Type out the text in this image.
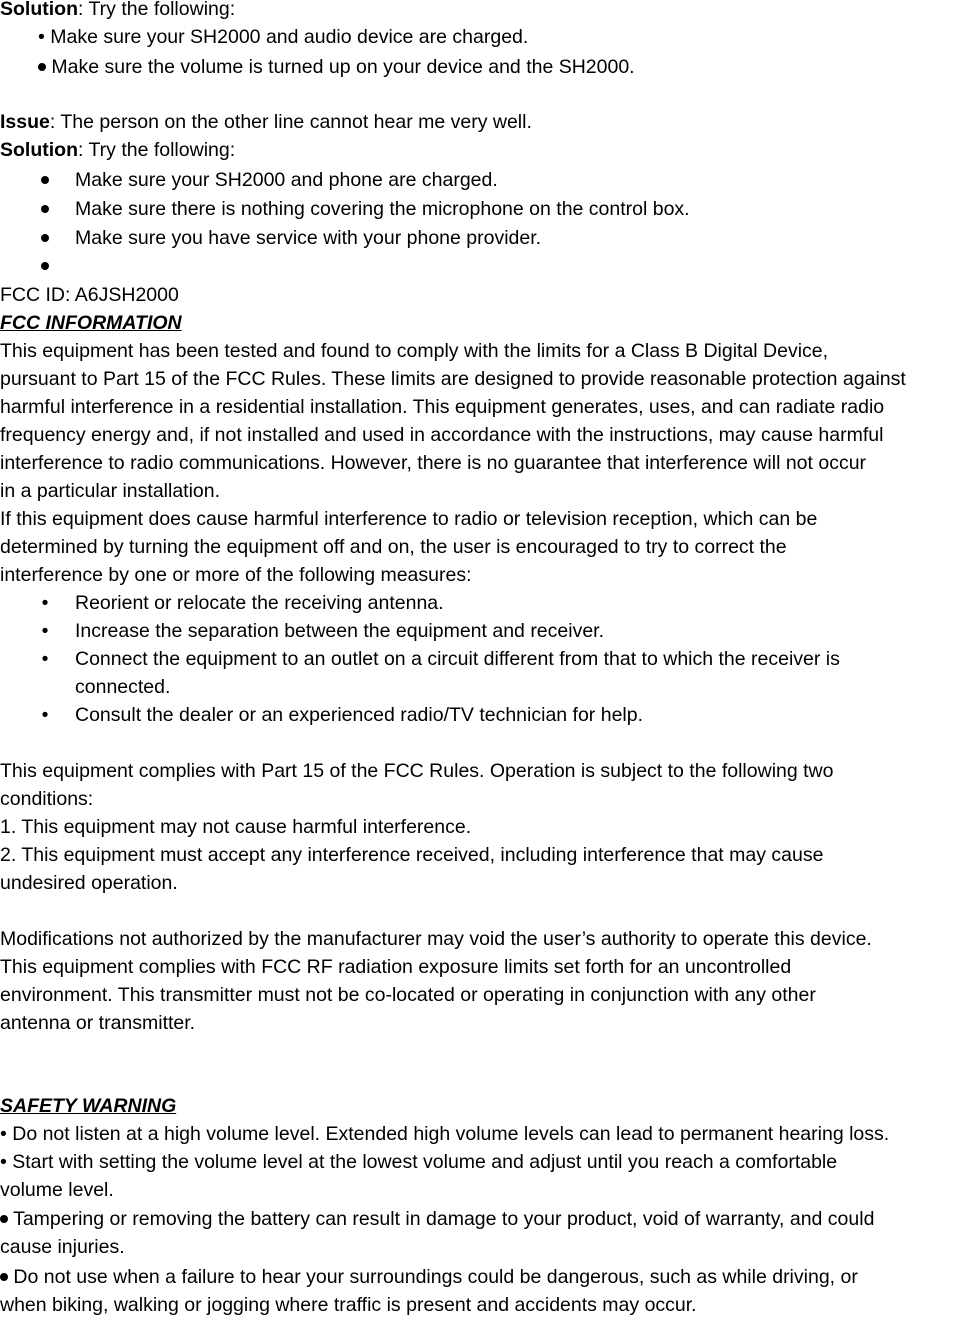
Solution: Try the following:
• Make sure your SH2000 and audio device are charged.
Make sure the volume is turned up on your device and the SH2000.
Issue: The person on the other line cannot hear me very well.
Solution: Try the following:
Make sure your SH2000 and phone are charged.
Make sure there is nothing covering the microphone on the control box.
Make sure you have service with your phone provider.
FCC ID: A6JSH2000
FCC INFORMATION
This equipment has been tested and found to comply with the limits for a Class B Digital Device,
pursuant to Part 15 of the FCC Rules. These limits are designed to provide reasonable protection against
harmful interference in a residential installation. This equipment generates, uses, and can radiate radio
frequency energy and, if not installed and used in accordance with the instructions, may cause harmful
interference to radio communications. However, there is no guarantee that interference will not occur
in a particular installation.
If this equipment does cause harmful interference to radio or television reception, which can be
determined by turning the equipment off and on, the user is encouraged to try to correct the
interference by one or more of the following measures:
• Reorient or relocate the receiving antenna.
• Increase the separation between the equipment and receiver.
• Connect the equipment to an outlet on a circuit different from that to which the receiver is
connected.
• Consult the dealer or an experienced radio/TV technician for help.
This equipment complies with Part 15 of the FCC Rules. Operation is subject to the following two
conditions:
1. This equipment may not cause harmful interference.
2. This equipment must accept any interference received, including interference that may cause
undesired operation.
Modifications not authorized by the manufacturer may void the user’s authority to operate this device.
This equipment complies with FCC RF radiation exposure limits set forth for an uncontrolled
environment. This transmitter must not be co-located or operating in conjunction with any other
antenna or transmitter.
SAFETY WARNING
• Do not listen at a high volume level. Extended high volume levels can lead to permanent hearing loss.
• Start with setting the volume level at the lowest volume and adjust until you reach a comfortable
volume level.
Tampering or removing the battery can result in damage to your product, void of warranty, and could
cause injuries.
Do not use when a failure to hear your surroundings could be dangerous, such as while driving, or
when biking, walking or jogging where traffic is present and accidents may occur.
